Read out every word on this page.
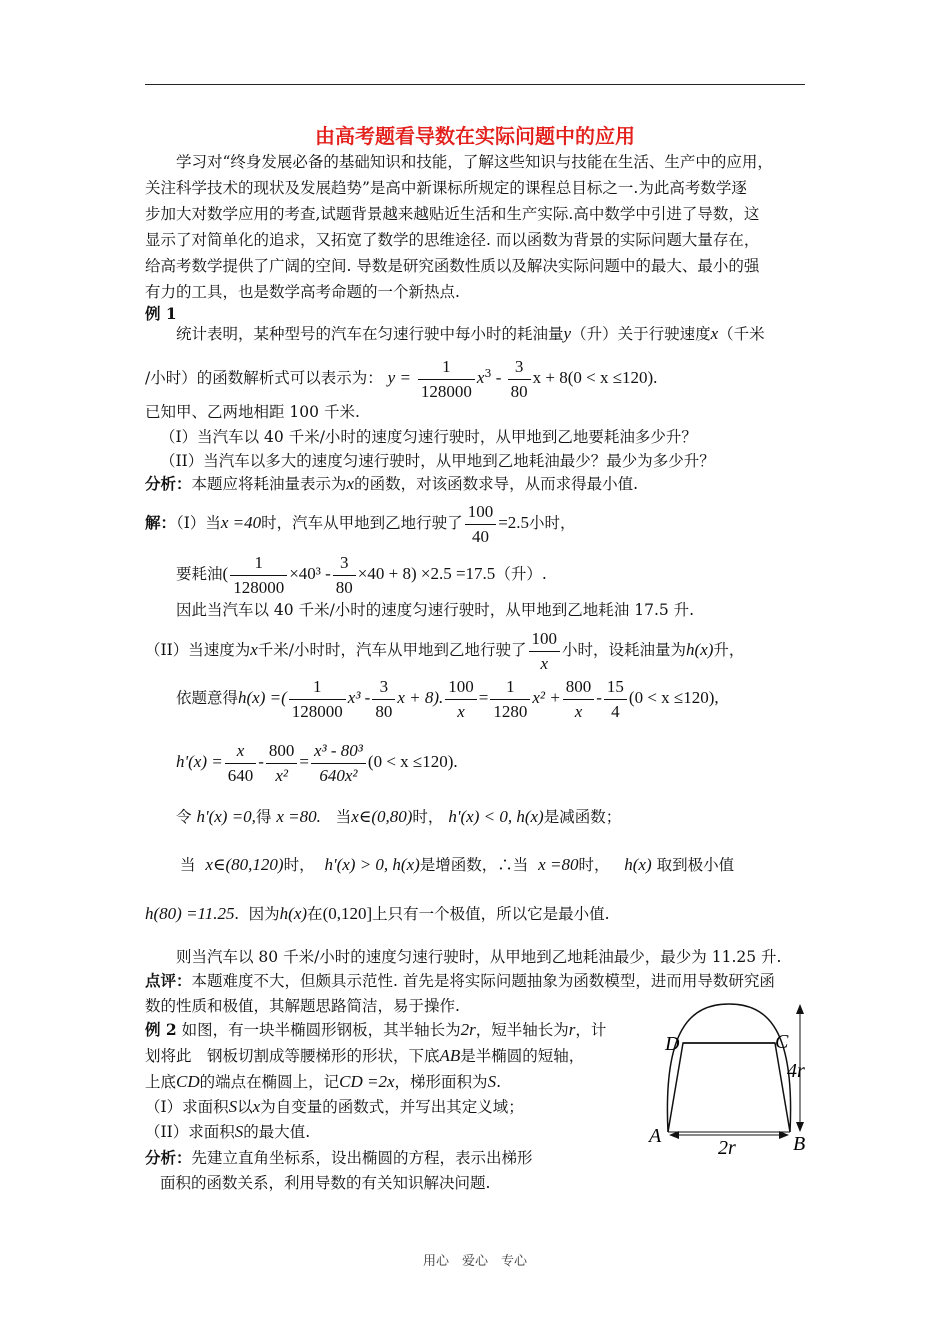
由高考题看导数在实际问题中的应用
学习对“终身发展必备的基础知识和技能，了解这些知识与技能在生活、生产中的应用，
关注科学技术的现状及发展趋势”是高中新课标所规定的课程总目标之一.为此高考数学逐
步加大对数学应用的考查,试题背景越来越贴近生活和生产实际.高中数学中引进了导数，这
显示了对简单化的追求，又拓宽了数学的思维途径. 而以函数为背景的实际问题大量存在，
给高考数学提供了广阔的空间. 导数是研究函数性质以及解决实际问题中的最大、最小的强
有力的工具，也是数学高考命题的一个新热点.
例 1
统计表明，某种型号的汽车在匀速行驶中每小时的耗油量y（升）关于行驶速度x（千米
/小时）的函数解析式可以表示为： $y = \frac{1}{128000} x^3 - \frac{3}{80}$ x + 8(0 < x ≤120).
已知甲、乙两地相距 100 千米.
（I）当汽车以 40 千米/小时的速度匀速行驶时，从甲地到乙地要耗油多少升？
（II）当汽车以多大的速度匀速行驶时，从甲地到乙地耗油最少？最少为多少升？
分析：本题应将耗油量表示为x的函数，对该函数求导，从而求得最小值.
解：（I）当x =40时，汽车从甲地到乙地行驶了 $\frac{100}{40} =2.5$小时，
要耗油( $\frac{1}{128000} \times 40^3 - \frac{3}{80} \times 40 + 8) \times 2.5 =17.5$（升）.
因此当汽车以 40 千米/小时的速度匀速行驶时，从甲地到乙地耗油 17.5 升.
（II）当速度为x千米/小时时，汽车从甲地到乙地行驶了 $\frac{100}{x}$ 小时，设耗油量为h(x)升，
依题意得h(x) =( $\frac{1}{128000} x^3 - \frac{3}{80}$ x + 8). $\frac{100}{x} = \frac{1}{1280} x^2 + \frac{800}{x} - \frac{15}{4} (0 < x \le 120)$,
$h'(x) = \frac{x}{640} - \frac{800}{\text{x²}} = \frac{\text{x³ - 80³}}{\text{640x²}} (0 < x \le 120)$.
令 h'(x) =0,得 x =80. 当x∈(0,80)时， h'(x) < 0, h(x)是减函数；
当 x∈(80,120)时， h'(x) > 0, h(x)是增函数，∴当 x =80时， h(x) 取到极小值
h(80) =11.25. 因为h(x)在(0,120]上只有一个极值，所以它是最小值.
则当汽车以 80 千米/小时的速度匀速行驶时，从甲地到乙地耗油最少，最少为 11.25 升.
点评：本题难度不大，但颇具示范性. 首先是将实际问题抽象为函数模型，进而用导数研究函
数的性质和极值，其解题思路简洁，易于操作.
例 2 如图，有一块半椭圆形钢板，其半轴长为2r，短半轴长为r，计
划将此　钢板切割成等腰梯形的形状，下底AB是半椭圆的短轴，
上底CD的端点在椭圆上，记CD =2x，梯形面积为S.
（I）求面积S以x为自变量的函数式，并写出其定义域；
（II）求面积S的最大值.
分析：先建立直角坐标系，设出椭圆的方程，表示出梯形
面积的函数关系，利用导数的有关知识解决问题.
D	C
4r
A
2r	B
用心　爱心　专心
